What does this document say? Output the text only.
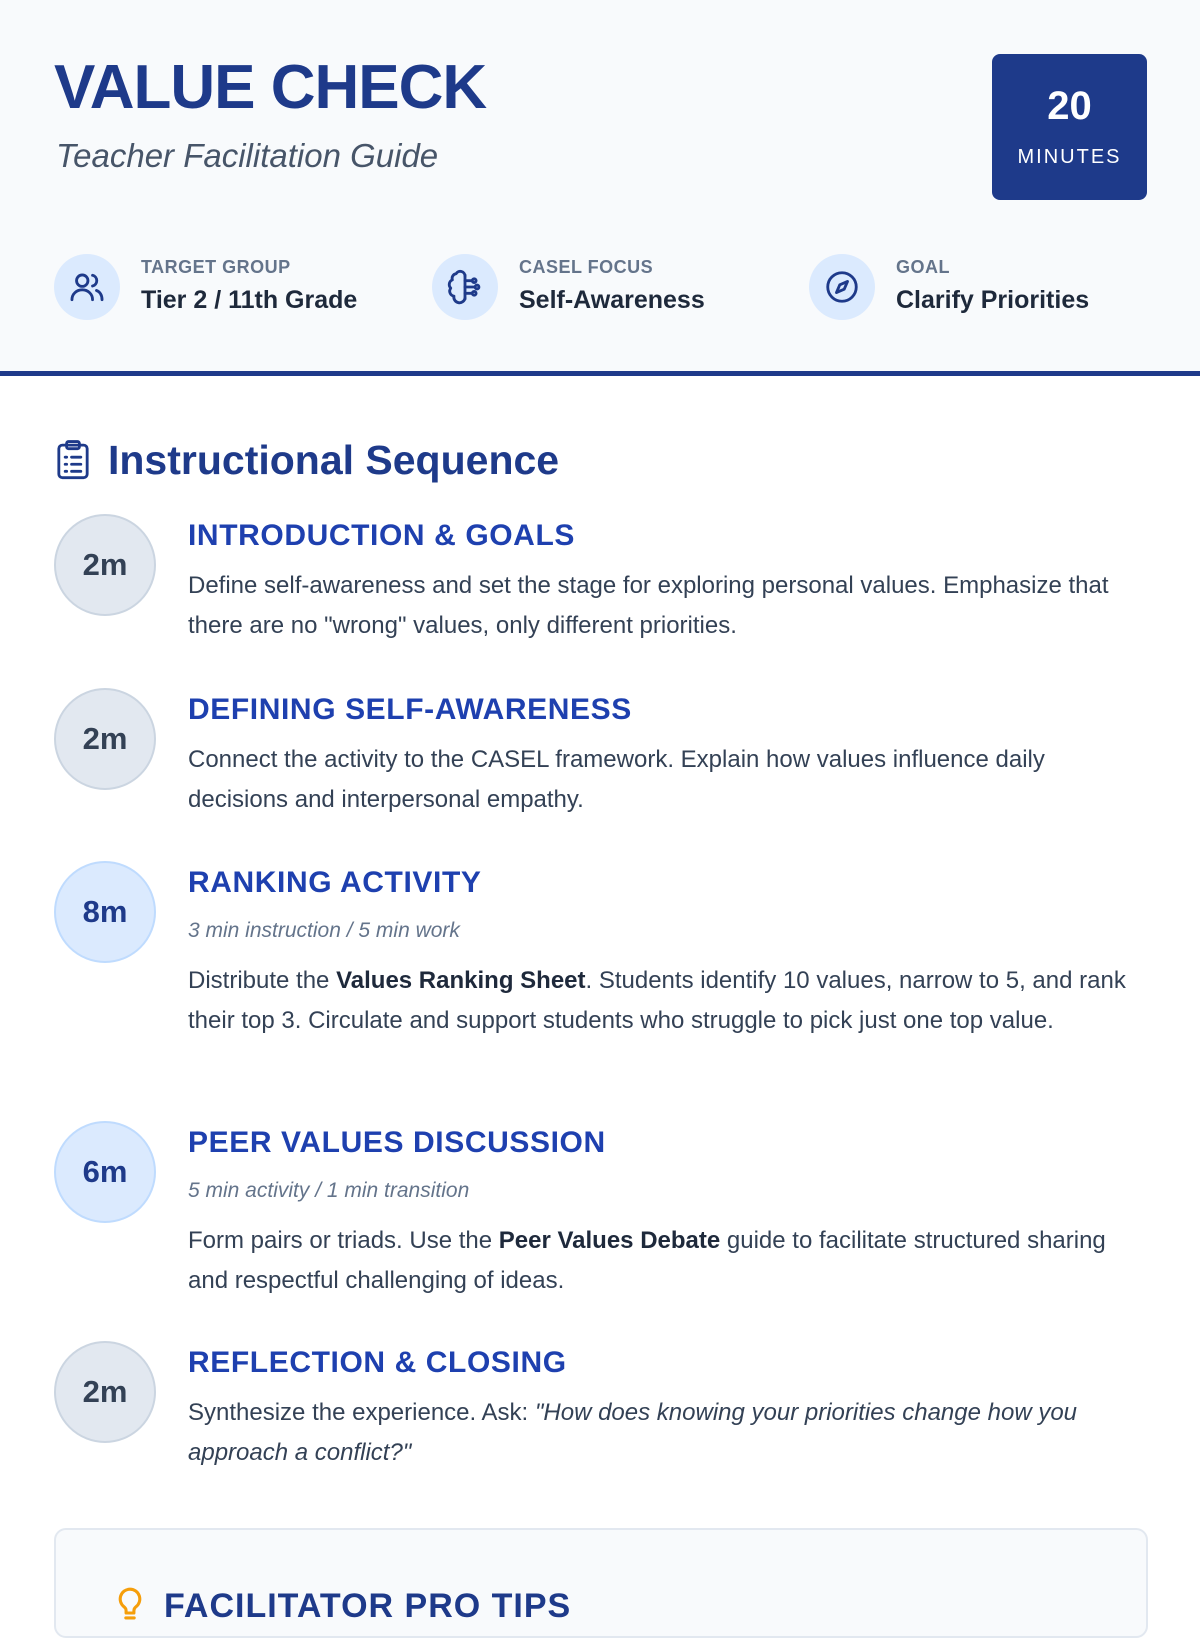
VALUE CHECK

Teacher Facilitation Guide

20
MINUTES
TARGET GROUP
Tier 2 / 11th Grade
CASEL FOCUS
Self-Awareness
GOAL
Clarify Priorities
Instructional Sequence
2m
INTRODUCTION & GOALS

Define self-awareness and set the stage for exploring personal values. Emphasize that there are no "wrong" values, only different priorities.

2m
DEFINING SELF-AWARENESS

Connect the activity to the CASEL framework. Explain how values influence daily decisions and interpersonal empathy.

8m
RANKING ACTIVITY
3 min instruction / 5 min work

Distribute the Values Ranking Sheet. Students identify 10 values, narrow to 5, and rank their top 3. Circulate and support students who struggle to pick just one top value.

6m
PEER VALUES DISCUSSION
5 min activity / 1 min transition

Form pairs or triads. Use the Peer Values Debate guide to facilitate structured sharing and respectful challenging of ideas.

2m
REFLECTION & CLOSING

Synthesize the experience. Ask: "How does knowing your priorities change how you approach a conflict?"

FACILITATOR PRO TIPS
